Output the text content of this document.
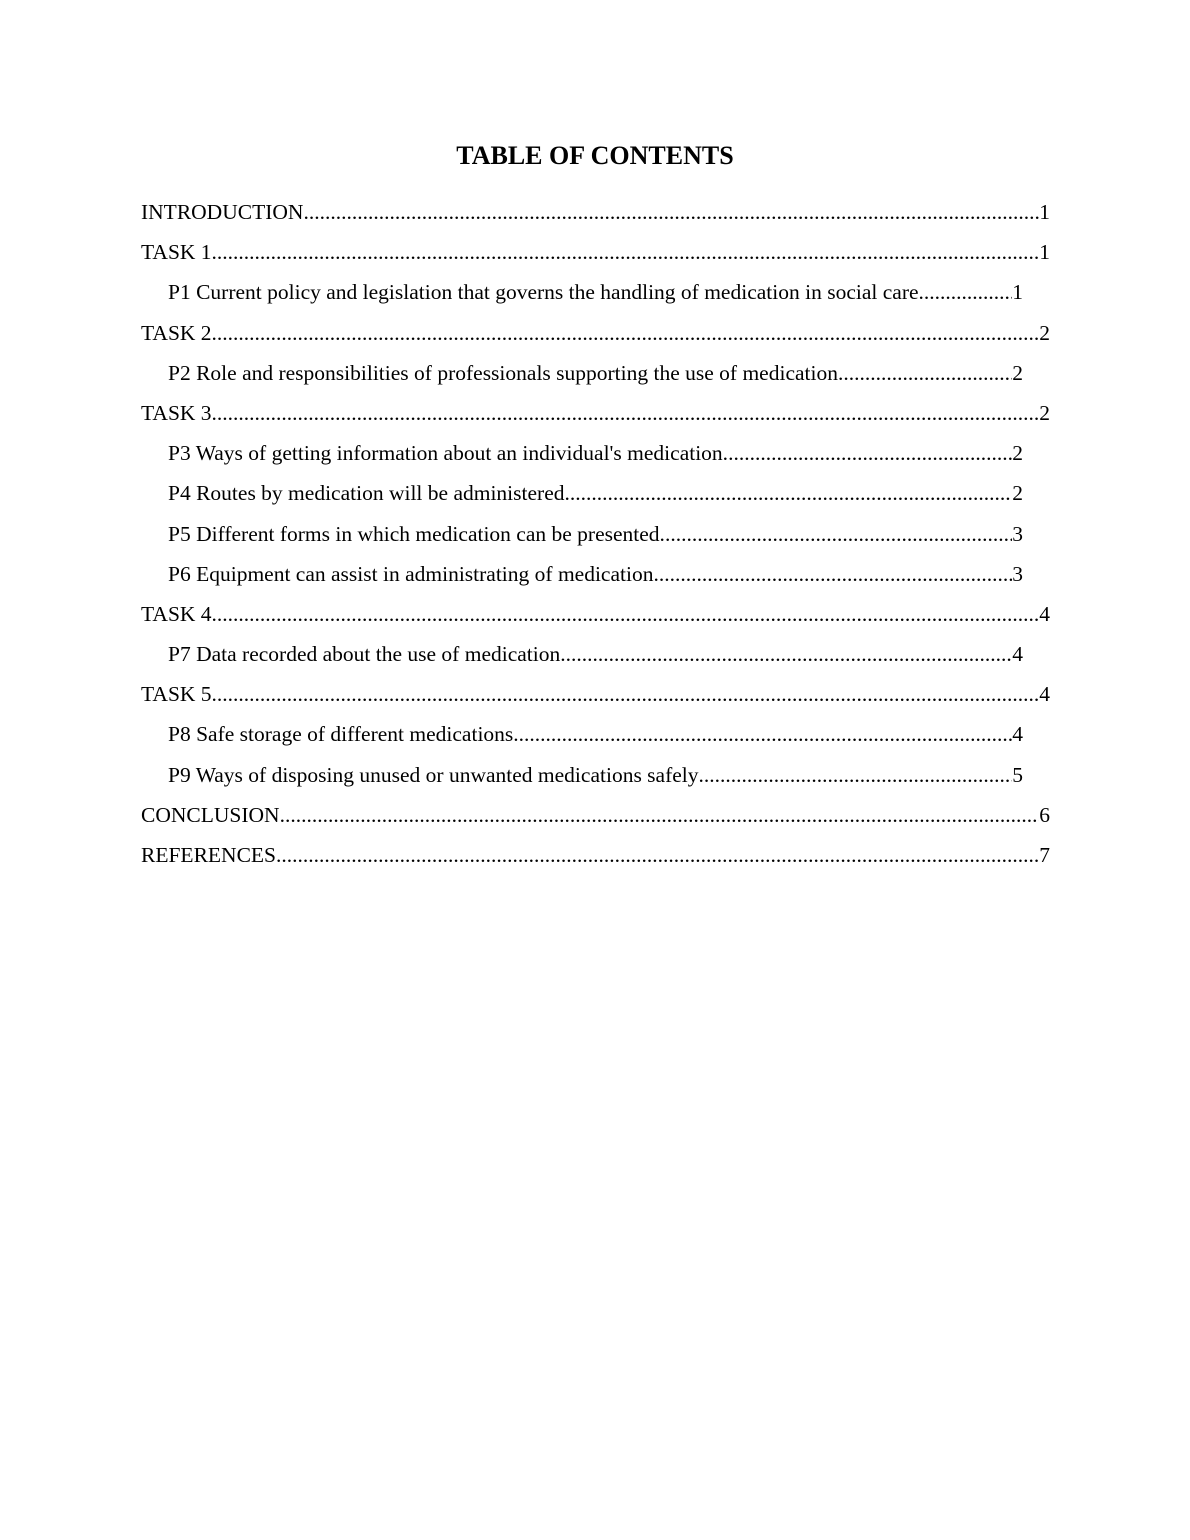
TABLE OF CONTENTS
INTRODUCTION .....	1
TASK 1 .....	1
P1 Current policy and legislation that governs the handling of medication in social care. .....	1
TASK 2 .....	2
P2 Role and responsibilities of professionals supporting the use of medication. .....	2
TASK 3 .....	2
P3 Ways of getting information about an individual's medication. .....	2
P4 Routes by medication will be administered. .....	2
P5 Different forms in which medication can be presented. .....	3
P6 Equipment can assist in administrating of medication. .....	3
TASK 4 .....	4
P7 Data recorded about the use of medication. .....	4
TASK 5 .....	4
P8 Safe storage of different medications .....	4
P9 Ways of disposing unused or unwanted medications safely .....	5
CONCLUSION .....	6
REFERENCES .....	7
